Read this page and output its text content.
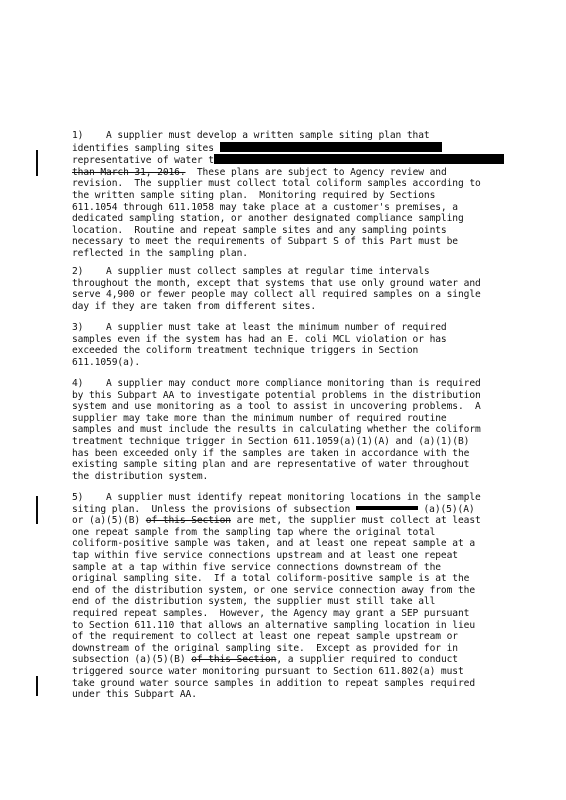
1)    A supplier must develop a written sample siting plan that
identifies sampling sites
representative of water t
than March 31, 2016.  These plans are subject to Agency review and
revision.  The supplier must collect total coliform samples according to
the written sample siting plan.  Monitoring required by Sections
611.1054 through 611.1058 may take place at a customer's premises, a
dedicated sampling station, or another designated compliance sampling
location.  Routine and repeat sample sites and any sampling points
necessary to meet the requirements of Subpart S of this Part must be
reflected in the sampling plan.
2)    A supplier must collect samples at regular time intervals
throughout the month, except that systems that use only ground water and
serve 4,900 or fewer people may collect all required samples on a single
day if they are taken from different sites.
3)    A supplier must take at least the minimum number of required
samples even if the system has had an E. coli MCL violation or has
exceeded the coliform treatment technique triggers in Section
611.1059(a).
4)    A supplier may conduct more compliance monitoring than is required
by this Subpart AA to investigate potential problems in the distribution
system and use monitoring as a tool to assist in uncovering problems.  A
supplier may take more than the minimum number of required routine
samples and must include the results in calculating whether the coliform
treatment technique trigger in Section 611.1059(a)(1)(A) and (a)(1)(B)
has been exceeded only if the samples are taken in accordance with the
existing sample siting plan and are representative of water throughout
the distribution system.
5)    A supplier must identify repeat monitoring locations in the sample
siting plan.  Unless the provisions of subsection	(a)(5)(A)
or (a)(5)(B) of this Section are met, the supplier must collect at least
one repeat sample from the sampling tap where the original total
coliform-positive sample was taken, and at least one repeat sample at a
tap within five service connections upstream and at least one repeat
sample at a tap within five service connections downstream of the
original sampling site.  If a total coliform-positive sample is at the
end of the distribution system, or one service connection away from the
end of the distribution system, the supplier must still take all
required repeat samples.  However, the Agency may grant a SEP pursuant
to Section 611.110 that allows an alternative sampling location in lieu
of the requirement to collect at least one repeat sample upstream or
downstream of the original sampling site.  Except as provided for in
subsection (a)(5)(B) of this Section, a supplier required to conduct
triggered source water monitoring pursuant to Section 611.802(a) must
take ground water source samples in addition to repeat samples required
under this Subpart AA.
